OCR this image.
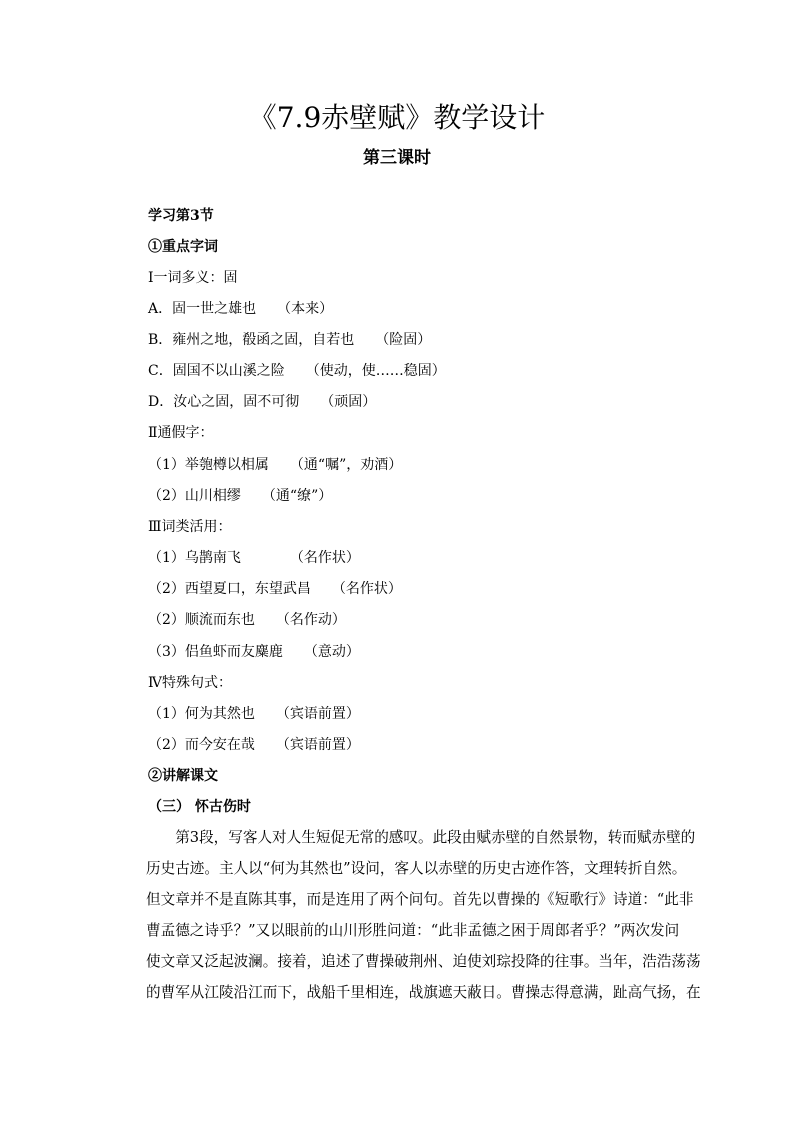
《7.9赤壁赋》教学设计
第三课时
学习第3节
①重点字词
Ⅰ一词多义：固
A．固一世之雄也　　（本来）
B．雍州之地，殽函之固，自若也　　（险固）
C．固国不以山溪之险　　（使动，使……稳固）
D．汝心之固，固不可彻　　（顽固）
Ⅱ通假字：
（1）举匏樽以相属　　（通“嘱”，劝酒）
（2）山川相缪　　（通“缭”）
Ⅲ词类活用：
（1）乌鹊南飞　　　　（名作状）
（2）西望夏口，东望武昌　　（名作状）
（2）顺流而东也　　（名作动）
（3）侣鱼虾而友麋鹿　　（意动）
Ⅳ特殊句式：
（1）何为其然也　　（宾语前置）
（2）而今安在哉　　（宾语前置）
②讲解课文
（三） 怀古伤时
　　第3段，写客人对人生短促无常的感叹。此段由赋赤壁的自然景物，转而赋赤壁的
历史古迹。主人以“何为其然也”设问，客人以赤壁的历史古迹作答，文理转折自然。
但文章并不是直陈其事，而是连用了两个问句。首先以曹操的《短歌行》诗道：“此非
曹孟德之诗乎？”又以眼前的山川形胜问道：“此非孟德之困于周郎者乎？”两次发问
使文章又泛起波澜。接着，追述了曹操破荆州、迫使刘琮投降的往事。当年，浩浩荡荡
的曹军从江陵沿江而下，战船千里相连，战旗遮天蔽日。曹操志得意满，趾高气扬，在
